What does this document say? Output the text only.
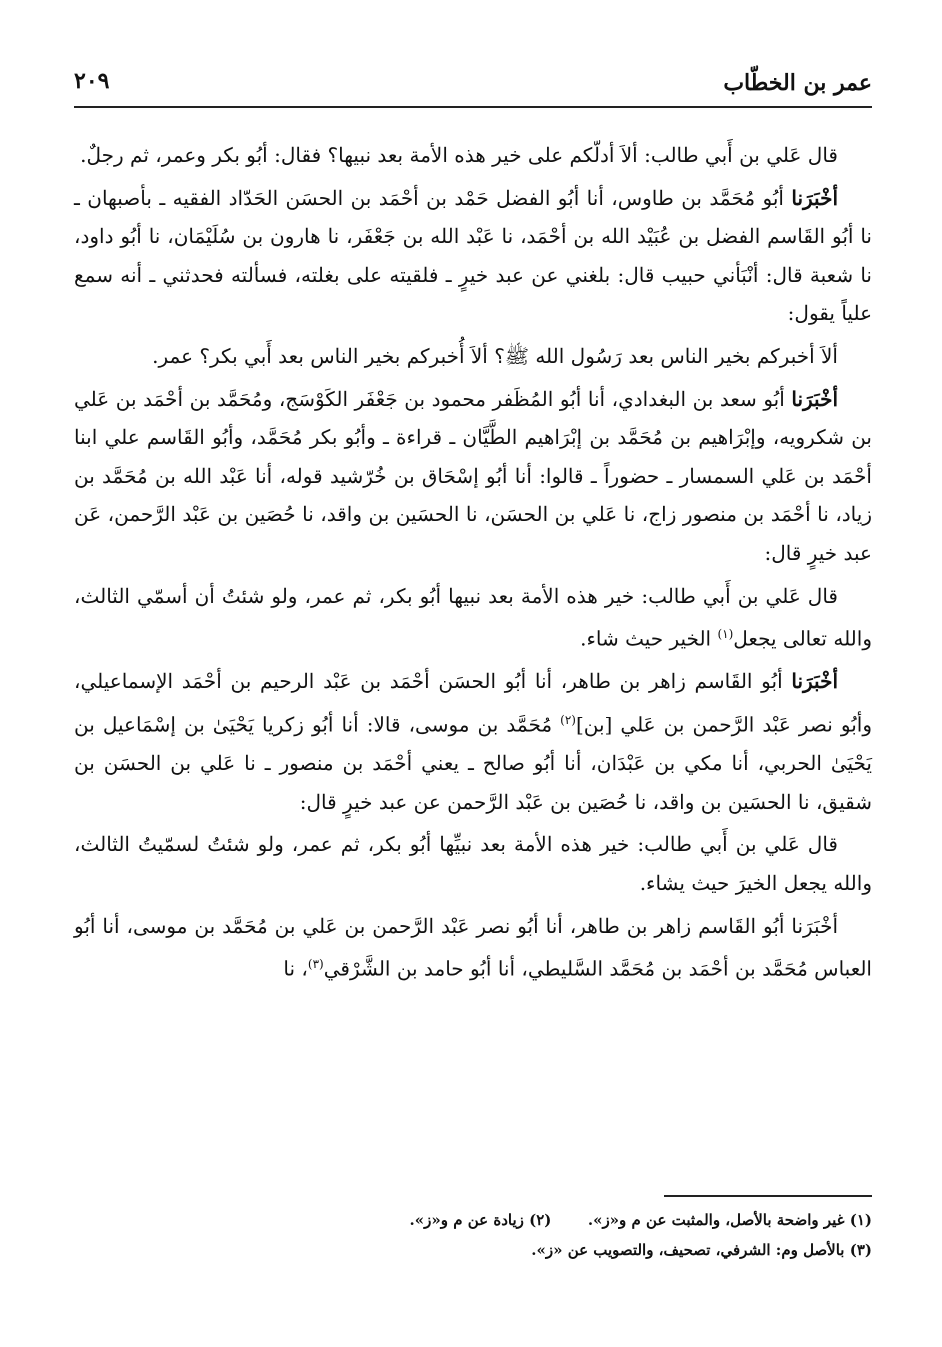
عمر بن الخطّاب
٢٠٩

قال عَلي بن أَبي طالب: ألاَ أدلّكم على خير هذه الأمة بعد نبيها؟ فقال: أبُو بكر وعمر، ثم رجلٌ.

أخْبَرَنا أبُو مُحَمَّد بن طاوس، أنا أبُو الفضل حَمْد بن أحْمَد بن الحسَن الحَدّاد الفقيه ـ بأصبهان ـ نا أبُو القَاسم الفضل بن عُبَيْد الله بن أحْمَد، نا عَبْد الله بن جَعْفَر، نا هارون بن سُلَيْمَان، نا أبُو داود، نا شعبة قال: أنْبَأني حبيب قال: بلغني عن عبد خيرٍ ـ فلقيته على بغلته، فسألته فحدثني ـ أنه سمع علياً يقول:

ألاَ أخبركم بخير الناس بعد رَسُول الله ﷺ؟ ألاَ أُخبركم بخير الناس بعد أَبي بكر؟ عمر.

أخْبَرَنا أبُو سعد بن البغدادي، أنا أبُو المُظَفر محمود بن جَعْفَر الكَوْسَج، ومُحَمَّد بن أحْمَد بن عَلي بن شكرويه، وإبْرَاهيم بن مُحَمَّد بن إبْرَاهيم الطَّيَّان ـ قراءة ـ وأبُو بكر مُحَمَّد، وأبُو القَاسم علي ابنا أحْمَد بن عَلي السمسار ـ حضوراً ـ قالوا: أنا أبُو إسْحَاق بن خُرّشيد قوله، أنا عَبْد الله بن مُحَمَّد بن زياد، نا أحْمَد بن منصور زاج، نا عَلي بن الحسَن، نا الحسَين بن واقد، نا حُصَين بن عَبْد الرَّحمن، عَن عبد خيرٍ قال:

قال عَلي بن أَبي طالب: خير هذه الأمة بعد نبيها أبُو بكر، ثم عمر، ولو شئتُ أن أسمّي الثالث، والله تعالى يجعل$^{(١)}$ الخير حيث شاء.

أخْبَرَنا أبُو القَاسم زاهر بن طاهر، أنا أبُو الحسَن أحْمَد بن عَبْد الرحيم بن أحْمَد الإسماعيلي، وأبُو نصر عَبْد الرَّحمن بن عَلي [بن]$^{(٢)}$ مُحَمَّد بن موسى، قالا: أنا أبُو زكريا يَحْيَىٰ بن إسْمَاعيل بن يَحْيَىٰ الحربي، أنا مكي بن عَبْدَان، أنا أبُو صالح ـ يعني أحْمَد بن منصور ـ نا عَلي بن الحسَن بن شقيق، نا الحسَين بن واقد، نا حُصَين بن عَبْد الرَّحمن عن عبد خيرٍ قال:

قال عَلي بن أَبي طالب: خير هذه الأمة بعد نبيِّها أبُو بكر، ثم عمر، ولو شئتُ لسمّيتُ الثالث، والله يجعل الخيرَ حيث يشاء.

أخْبَرَنا أبُو القَاسم زاهر بن طاهر، أنا أبُو نصر عَبْد الرَّحمن بن عَلي بن مُحَمَّد بن موسى، أنا أبُو العباس مُحَمَّد بن أحْمَد بن مُحَمَّد السَّليطي، أنا أبُو حامد بن الشَّرْقي$^{(٣)}$، نا

(١) غير واضحة بالأصل، والمثبت عن م و«ز».  (٢) زيادة عن م و«ز».
(٣) بالأصل وم: الشرفي، تصحيف، والتصويب عن «ز».
